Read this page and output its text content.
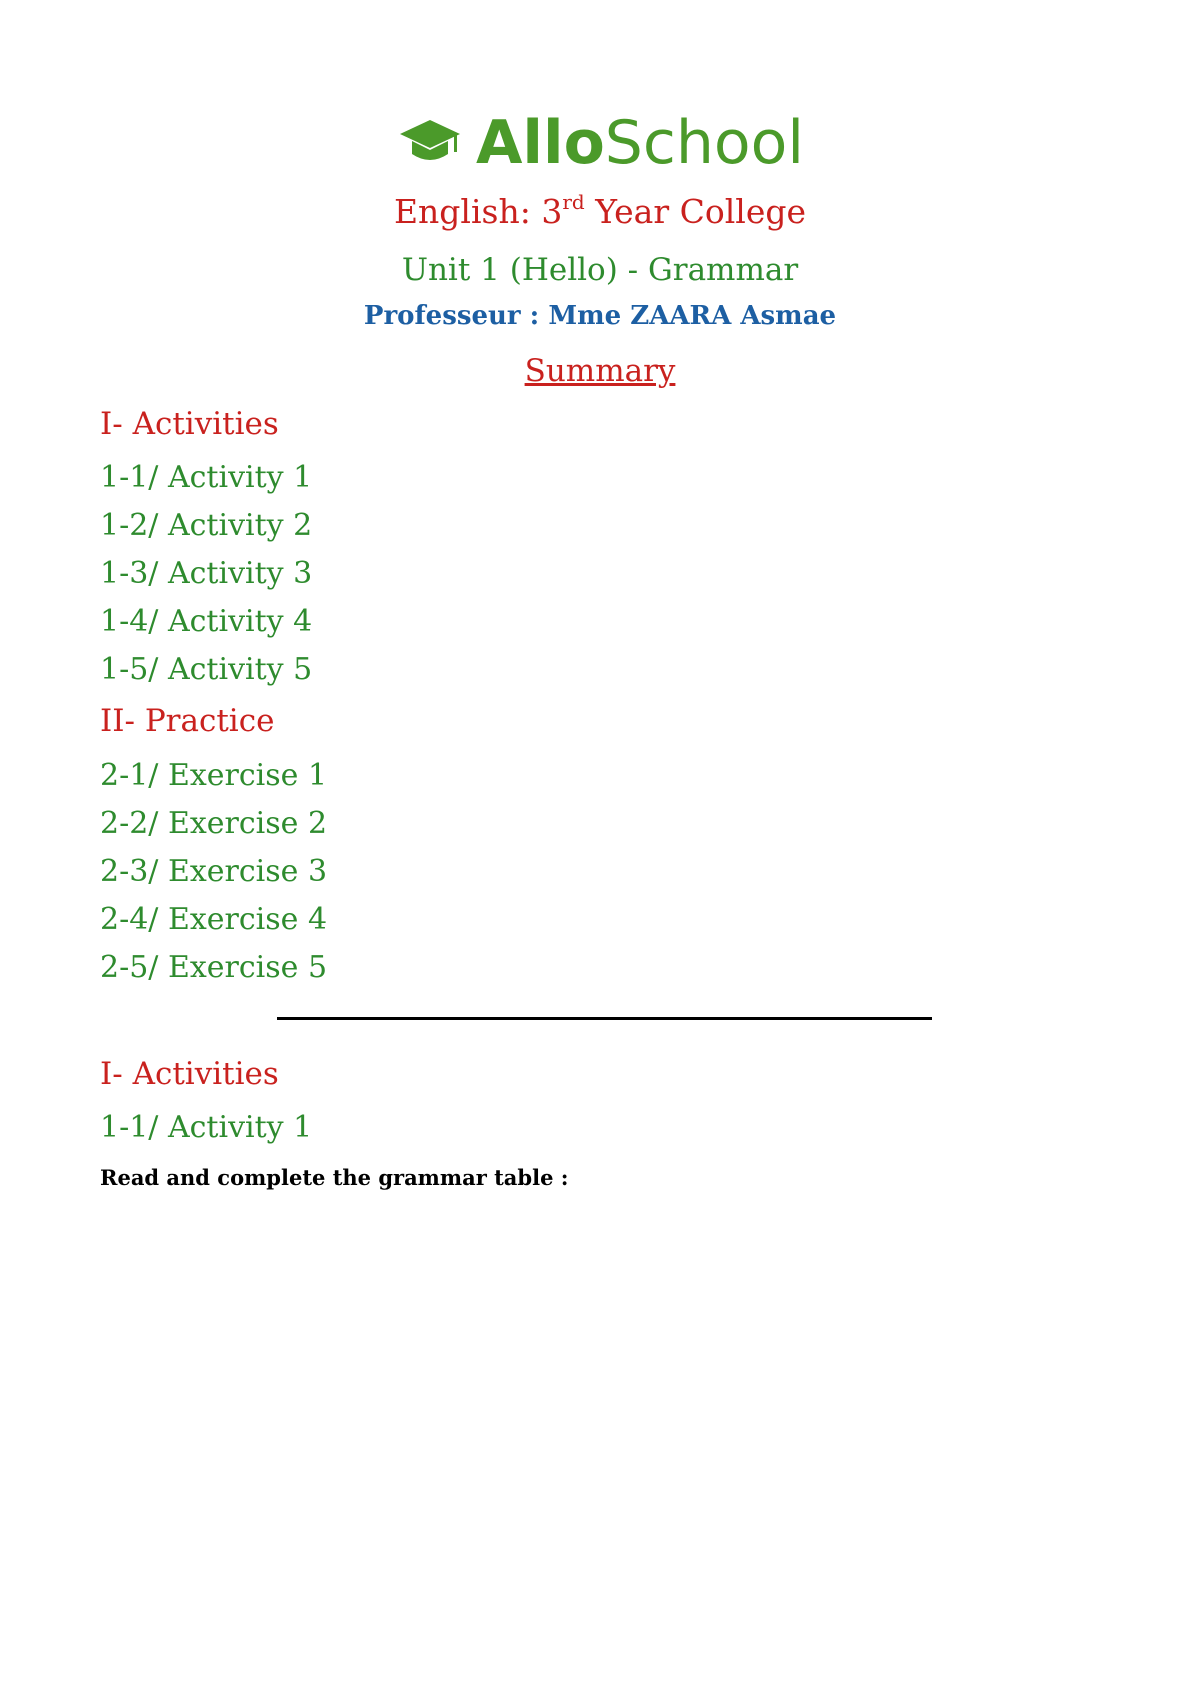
AlloSchool
English: 3rd Year College
Unit 1 (Hello) - Grammar
Professeur : Mme ZAARA Asmae
Summary
I- Activities
1-1/ Activity 1
1-2/ Activity 2
1-3/ Activity 3
1-4/ Activity 4
1-5/ Activity 5
II- Practice
2-1/ Exercise 1
2-2/ Exercise 2
2-3/ Exercise 3
2-4/ Exercise 4
2-5/ Exercise 5
I- Activities
1-1/ Activity 1
Read and complete the grammar table :
